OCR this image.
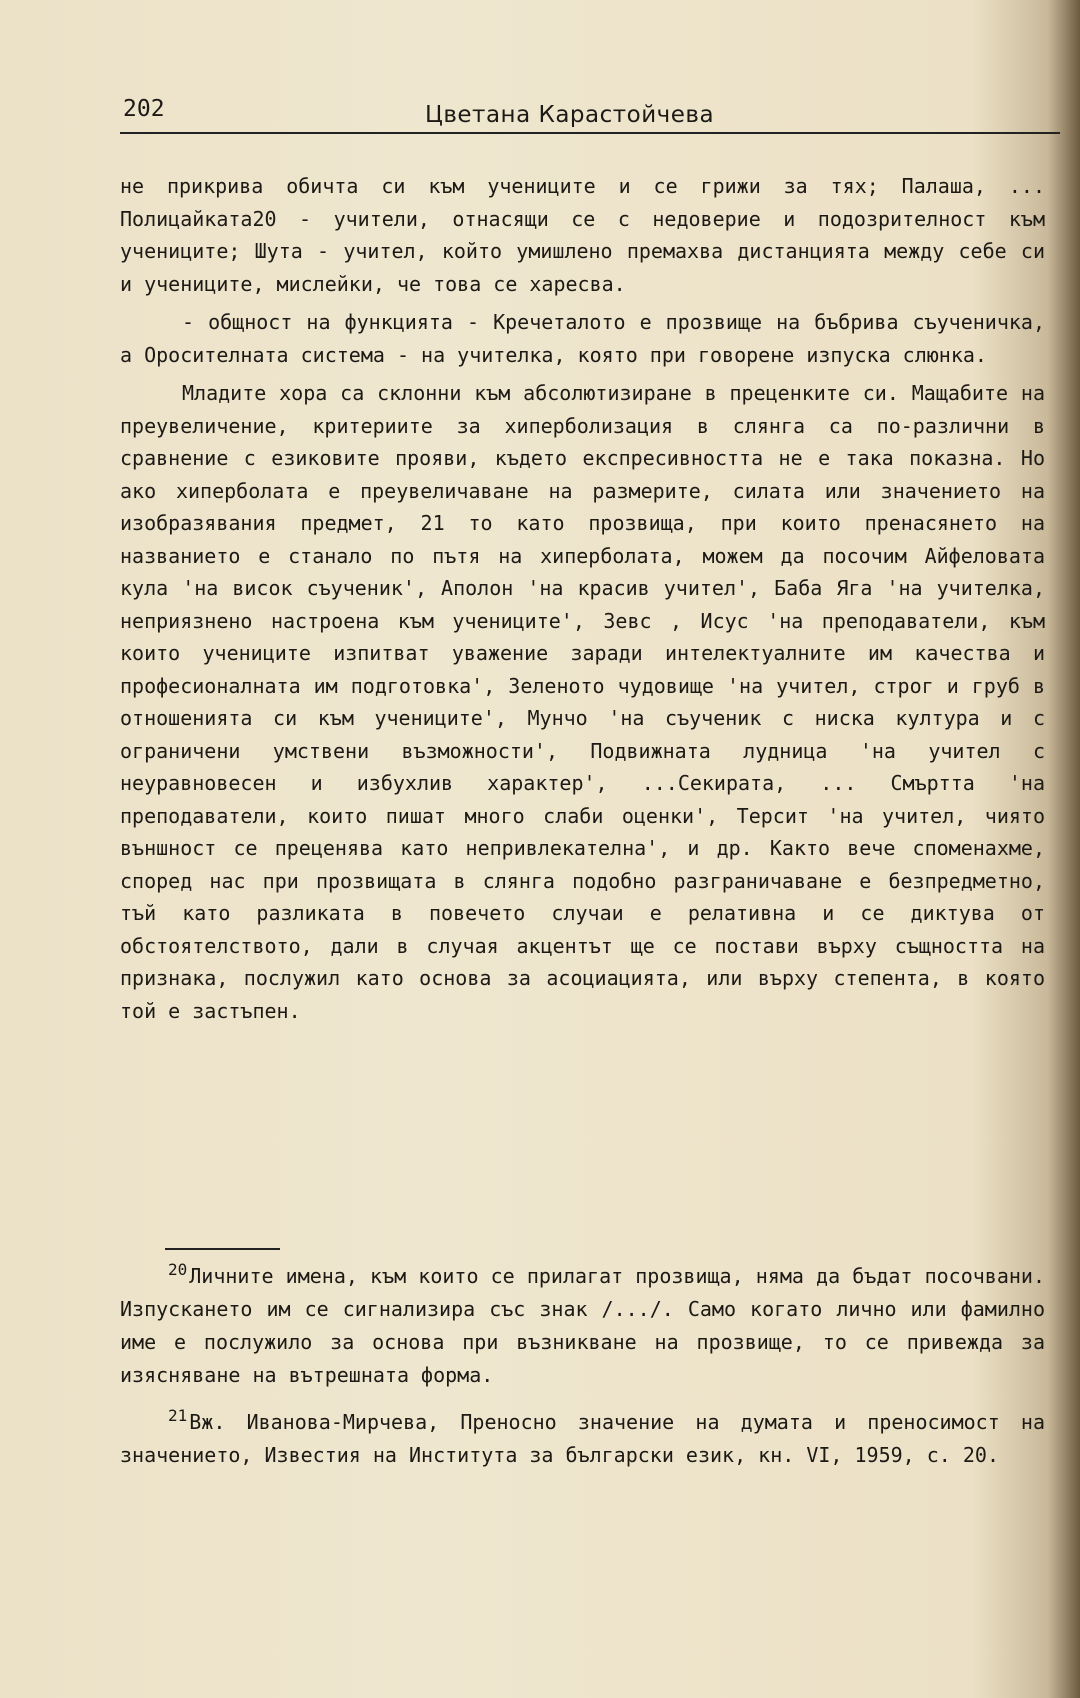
202	Цветана Карастойчева

не прикрива обичта си към учениците и се грижи за тях; Палаша, ... Полицайката20 - учители, отнасящи се с недоверие и подозрителност към учениците; Шута - учител, който умишлено премахва дистанцията между себе си и учениците, мислейки, че това се харесва.

- общност на функцията - Кречеталото е прозвище на бъбрива съученичка, а Оросителната система - на учителка, която при говорене изпуска слюнка.

Младите хора са склонни към абсолютизиране в преценките си. Мащабите на преувеличение, критериите за хиперболизация в слянга са по-различни в сравнение с езиковите прояви, където експресивността не е така показна. Но ако хиперболата е преувеличаване на размерите, силата или значението на изобразявания предмет, 21 то като прозвища, при които пренасянето на названието е станало по пътя на хиперболата, можем да посочим Айфеловата кула 'на висок съученик', Аполон 'на красив учител', Баба Яга 'на учителка, неприязнено настроена към учениците', Зевс , Исус 'на преподаватели, към които учениците изпитват уважение заради интелектуалните им качества и професионалната им подготовка', Зеленото чудовище 'на учител, строг и груб в отношенията си към учениците', Мунчо 'на съученик с ниска култура и с ограничени умствени възможности', Подвижната лудница 'на учител с неуравновесен и избухлив характер', ...Секирата, ... Смъртта 'на преподаватели, които пишат много слаби оценки', Терсит 'на учител, чиято външност се преценява като непривлекателна', и др. Както вече споменахме, според нас при прозвищата в слянга подобно разграничаване е безпредметно, тъй като разликата в повечето случаи е релативна и се диктува от обстоятелството, дали в случая акцентът ще се постави върху същността на признака, послужил като основа за асоциацията, или върху степента, в която той е застъпен.

$^{20}$ Личните имена, към които се прилагат прозвища, няма да бъдат посочвани. Изпускането им се сигнализира със знак /.../. Само когато лично или фамилно име е послужило за основа при възникване на прозвище, то се привежда за изясняване на вътрешната форма.

$^{21}$ Вж. Иванова-Мирчева, Преносно значение на думата и преносимост на значението, Известия на Института за български език, кн. VI, 1959, с. 20.
